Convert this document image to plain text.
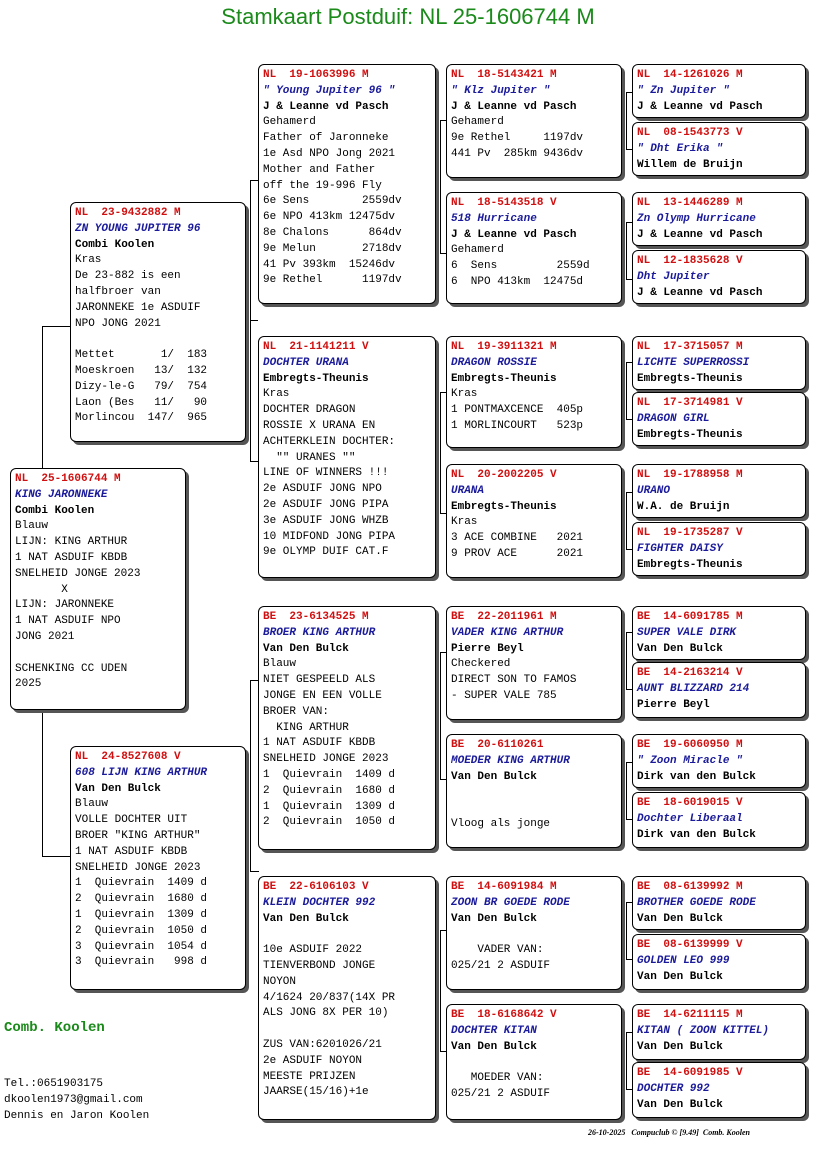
Stamkaart Postduif: NL 25-1606744 M
NL  25-1606744 M
KING JARONNEKE
Combi Koolen
Blauw
LIJN: KING ARTHUR
1 NAT ASDUIF KBDB
SNELHEID JONGE 2023
X
LIJN: JARONNEKE
1 NAT ASDUIF NPO
JONG 2021
SCHENKING CC UDEN
2025
NL  23-9432882 M
ZN YOUNG JUPITER 96
Combi Koolen
Kras
De 23-882 is een
halfbroer van
JARONNEKE 1e ASDUIF
NPO JONG 2021
Mettet       1/  183
Moeskroen   13/  132
Dizy-le-G   79/  754
Laon (Bes   11/   90
Morlincou  147/  965
NL  24-8527608 V
608 LIJN KING ARTHUR
Van Den Bulck
Blauw
VOLLE DOCHTER UIT
BROER "KING ARTHUR"
1 NAT ASDUIF KBDB
SNELHEID JONGE 2023
1  Quievrain  1409 d
2  Quievrain  1680 d
1  Quievrain  1309 d
2  Quievrain  1050 d
3  Quievrain  1054 d
3  Quievrain   998 d
NL  19-1063996 M
" Young Jupiter 96 "
J & Leanne vd Pasch
Gehamerd
Father of Jaronneke
1e Asd NPO Jong 2021
Mother and Father
off the 19-996 Fly
6e Sens        2559dv
6e NPO 413km 12475dv
8e Chalons      864dv
9e Melun       2718dv
41 Pv 393km  15246dv
9e Rethel      1197dv
NL  21-1141211 V
DOCHTER URANA
Embregts-Theunis
Kras
DOCHTER DRAGON
ROSSIE X URANA EN
ACHTERKLEIN DOCHTER:
"" URANES ""
LINE OF WINNERS !!!
2e ASDUIF JONG NPO
2e ASDUIF JONG PIPA
3e ASDUIF JONG WHZB
10 MIDFOND JONG PIPA
9e OLYMP DUIF CAT.F
BE  23-6134525 M
BROER KING ARTHUR
Van Den Bulck
Blauw
NIET GESPEELD ALS
JONGE EN EEN VOLLE
BROER VAN:
KING ARTHUR
1 NAT ASDUIF KBDB
SNELHEID JONGE 2023
1  Quievrain  1409 d
2  Quievrain  1680 d
1  Quievrain  1309 d
2  Quievrain  1050 d
BE  22-6106103 V
KLEIN DOCHTER 992
Van Den Bulck
10e ASDUIF 2022
TIENVERBOND JONGE
NOYON
4/1624 20/837(14X PR
ALS JONG 8X PER 10)
ZUS VAN:6201026/21
2e ASDUIF NOYON
MEESTE PRIJZEN
JAARSE(15/16)+1e
NL  18-5143421 M
" Klz Jupiter "
J & Leanne vd Pasch
Gehamerd
9e Rethel     1197dv
441 Pv  285km 9436dv
NL  18-5143518 V
518 Hurricane
J & Leanne vd Pasch
Gehamerd
6  Sens         2559d
6  NPO 413km  12475d
NL  19-3911321 M
DRAGON ROSSIE
Embregts-Theunis
Kras
1 PONTMAXCENCE  405p
1 MORLINCOURT   523p
NL  20-2002205 V
URANA
Embregts-Theunis
Kras
3 ACE COMBINE   2021
9 PROV ACE      2021
BE  22-2011961 M
VADER KING ARTHUR
Pierre Beyl
Checkered
DIRECT SON TO FAMOS
- SUPER VALE 785
BE  20-6110261
MOEDER KING ARTHUR
Van Den Bulck
Vloog als jonge
BE  14-6091984 M
ZOON BR GOEDE RODE
Van Den Bulck
VADER VAN:
025/21 2 ASDUIF
BE  18-6168642 V
DOCHTER KITAN
Van Den Bulck
MOEDER VAN:
025/21 2 ASDUIF
NL  14-1261026 M
" Zn Jupiter "
J & Leanne vd Pasch
NL  08-1543773 V
" Dht Erika "
Willem de Bruijn
NL  13-1446289 M
Zn Olymp Hurricane
J & Leanne vd Pasch
NL  12-1835628 V
Dht Jupiter
J & Leanne vd Pasch
NL  17-3715057 M
LICHTE SUPERROSSI
Embregts-Theunis
NL  17-3714981 V
DRAGON GIRL
Embregts-Theunis
NL  19-1788958 M
URANO
W.A. de Bruijn
NL  19-1735287 V
FIGHTER DAISY
Embregts-Theunis
BE  14-6091785 M
SUPER VALE DIRK
Van Den Bulck
BE  14-2163214 V
AUNT BLIZZARD 214
Pierre Beyl
BE  19-6060950 M
" Zoon Miracle "
Dirk van den Bulck
BE  18-6019015 V
Dochter Liberaal
Dirk van den Bulck
BE  08-6139992 M
BROTHER GOEDE RODE
Van Den Bulck
BE  08-6139999 V
GOLDEN LEO 999
Van Den Bulck
BE  14-6211115 M
KITAN ( ZOON KITTEL)
Van Den Bulck
BE  14-6091985 V
DOCHTER 992
Van Den Bulck
Comb. Koolen
Tel.:0651903175
dkoolen1973@gmail.com
Dennis en Jaron Koolen
26-10-2025   Compuclub © [9.49]  Comb. Koolen
